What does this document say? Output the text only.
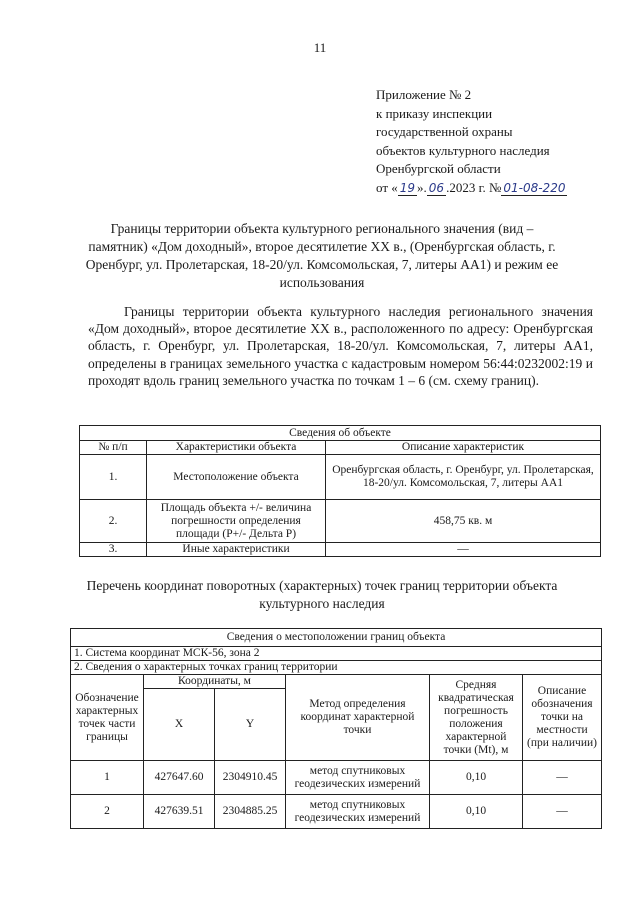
11
Приложение № 2
к приказу инспекции
государственной охраны
объектов культурного наследия
Оренбургской области
от « 19 ». 06 .2023 г. № 01-08-220
Границы территории объекта культурного регионального значения (вид – памятник) «Дом доходный», второе десятилетие XX в., (Оренбургская область, г. Оренбург, ул. Пролетарская, 18-20/ул. Комсомольская, 7, литеры АА1) и режим ее использования
Границы территории объекта культурного наследия регионального значения «Дом доходный», второе десятилетие XX в., расположенного по адресу: Оренбургская область, г. Оренбург, ул. Пролетарская, 18-20/ул. Комсомольская, 7, литеры АА1, определены в границах земельного участка с кадастровым номером 56:44:0232002:19 и проходят вдоль границ земельного участка по точкам 1 – 6 (см. схему границ).
Сведения об объекте		
№ п/п	Характеристики объекта	Описание характеристик
1.	Местоположение объекта	Оренбургская область, г. Оренбург, ул. Пролетарская, 18-20/ул. Комсомольская, 7, литеры АА1
2.	Площадь объекта +/- величина погрешности определения площади (Р+/- Дельта Р)	458,75 кв. м
3.	Иные характеристики	—
Перечень координат поворотных (характерных) точек границ территории объекта культурного наследия
Сведения о местоположении границ объекта					
1. Система координат МСК-56, зона 2					
2. Сведения о характерных точках границ территории					
Обозначение характерных точек части границы	Координаты, м		Метод определения координат характерной точки	Средняя квадратическая погрешность положения характерной точки (Mt), м	Описание обозначения точки на местности (при наличии)
	X	Y			
1	427647.60	2304910.45	метод спутниковых геодезических измерений	0,10	—
2	427639.51	2304885.25	метод спутниковых геодезических измерений	0,10	—
